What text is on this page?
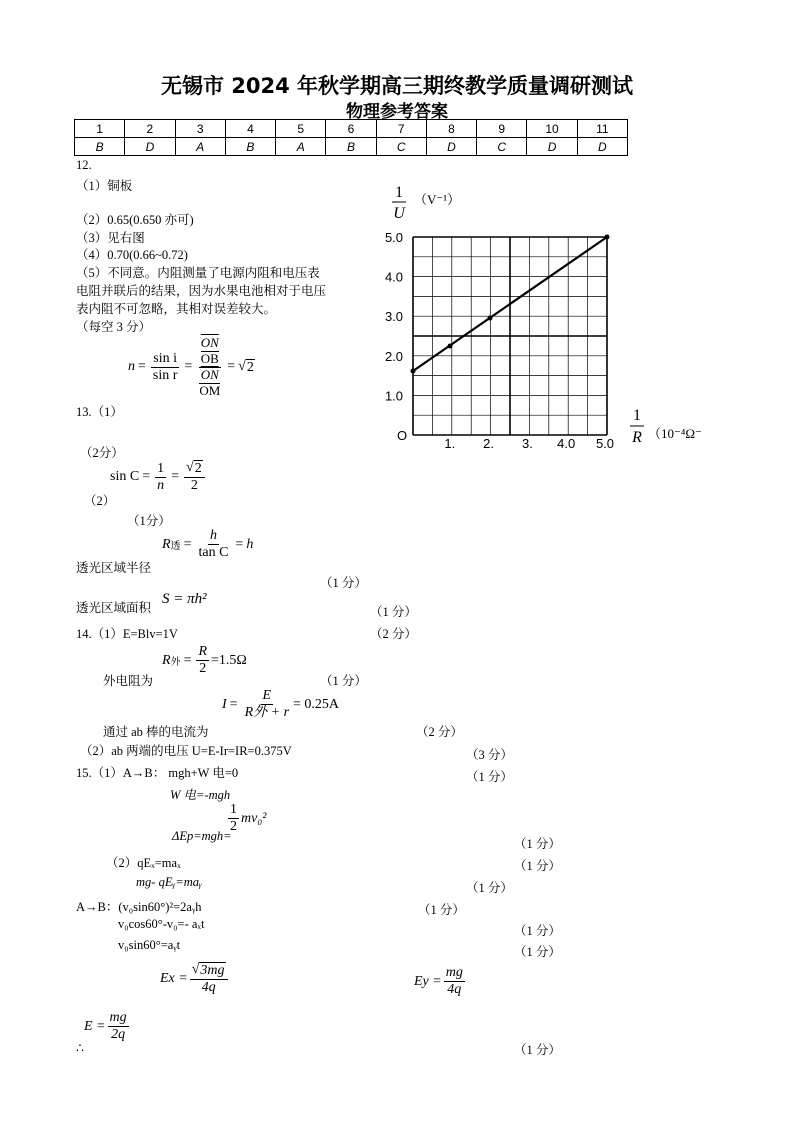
无锡市 2024 年秋学期高三期终教学质量调研测试
物理参考答案
1	2	3	4	5	6	7	8	9	10	11
B	D	A	B	A	B	C	D	C	D	D
12.
（1）铜板
（2）0.65(0.650 亦可)
（3）见右图
（4）0.70(0.66~0.72)
（5）不同意。内阻测量了电源内阻和电压表
电阻并联后的结果，因为水果电池相对于电压
表内阻不可忽略，其相对误差较大。
（每空 3 分）
1
U
（V⁻¹）
5.0
4.0
3.0
2.0
1.0
O
1. 2. 3. 4.0 5.0
1
R （10⁻⁴Ω⁻
$n = \frac{\text{sin i}}{\text{sin r}} = \overline{ON}$
OB
$\overline{ON}$
OM = √ 2
13.（1）
（2分）
$\sin C = \frac{1}{n} = \frac{√ 2}{2}$
（2）
（1分）
R 透 = $\frac{h}{\text{tan C}} = h$
透光区域半径
（1 分）
透光区域面积
S = πh²
（1 分）
14.（1）E=Blv=1V	（2 分）
R 外 = $\frac{R}{2} =1.5\Omega$
外电阻为	（1 分）
$I = \frac{E}{\text{R外 + r}} = 0.25A$
通过 ab 棒的电流为	（2 分）
（2）ab 两端的电压 U=E-Ir=IR=0.375V	（3 分）
15.（1）A→B： mgh+W 电=0	（1 分）
W 电=-mgh
$\frac{1}{2} mv_0^2$
ΔEp=mgh=
（1 分）
（2）qEₓ=maₓ	（1 分）
mg- qEᵧ=maᵧ	（1 分）
A→B：(v₀sin60°)²=2aᵧh	（1 分）
v₀cos60°-v₀=- aₓt	（1 分）
v₀sin60°=aᵧt	（1 分）
$Ex = \frac{√ 3mg}{4q}$	$Ey = \frac{mg}{4q}$
$E = \frac{mg}{2q}$
∴	（1 分）
